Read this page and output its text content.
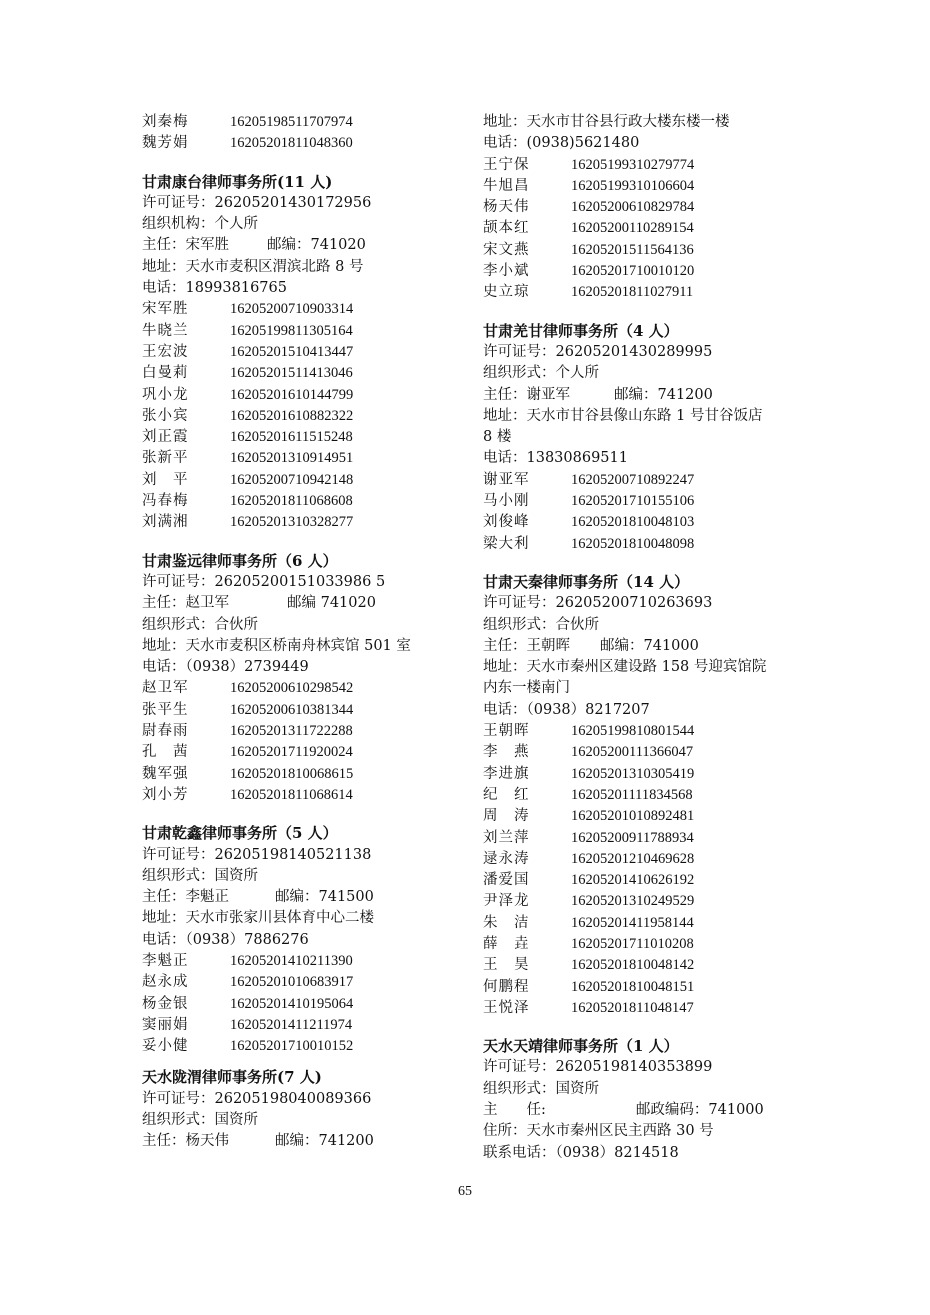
刘秦梅	16205198511707974
魏芳娟	16205201811048360
甘肃康台律师事务所(11 人)
许可证号：26205201430172956
组织机构：个人所
主任：宋军胜	邮编：741020
地址：天水市麦积区渭滨北路 8 号
电话：18993816765
宋军胜	16205200710903314
牛晓兰	16205199811305164
王宏波	16205201510413447
白曼莉	16205201511413046
巩小龙	16205201610144799
张小宾	16205201610882322
刘正霞	16205201611515248
张新平	16205201310914951
刘　平	16205200710942148
冯春梅	16205201811068608
刘满湘	16205201310328277
甘肃鉴远律师事务所（6 人）
许可证号：26205200151033986 5
主任：赵卫军	邮编 741020
组织形式：合伙所
地址：天水市麦积区桥南舟林宾馆 501 室
电话：（0938）2739449
赵卫军	16205200610298542
张平生	16205200610381344
尉春雨	16205201311722288
孔　茜	16205201711920024
魏军强	16205201810068615
刘小芳	16205201811068614
甘肃乾鑫律师事务所（5 人）
许可证号：26205198140521138
组织形式：国资所
主任：李魁正	邮编：741500
地址：天水市张家川县体育中心二楼
电话：（0938）7886276
李魁正	16205201410211390
赵永成	16205201010683917
杨金银	16205201410195064
窦丽娟	16205201411211974
妥小健	16205201710010152
天水陇渭律师事务所(7 人)
许可证号：26205198040089366
组织形式：国资所
主任：杨天伟	邮编：741200
地址：天水市甘谷县行政大楼东楼一楼
电话：(0938)5621480
王宁保	16205199310279774
牛旭昌	16205199310106604
杨天伟	16205200610829784
颉本红	16205200110289154
宋文燕	16205201511564136
李小斌	16205201710010120
史立琼	16205201811027911
甘肃羌甘律师事务所（4 人）
许可证号：26205201430289995
组织形式：个人所
主任：谢亚军	邮编：741200
地址：天水市甘谷县像山东路 1 号甘谷饭店
8 楼
电话：13830869511
谢亚军	16205200710892247
马小刚	16205201710155106
刘俊峰	16205201810048103
梁大利	16205201810048098
甘肃天秦律师事务所（14 人）
许可证号：26205200710263693
组织形式：合伙所
主任：王朝晖 邮编：741000
地址：天水市秦州区建设路 158 号迎宾馆院
内东一楼南门
电话：（0938）8217207
王朝晖	16205199810801544
李　燕	16205200111366047
李进旗	16205201310305419
纪　红	16205201111834568
周　涛	16205201010892481
刘兰萍	16205200911788934
逯永涛	16205201210469628
潘爱国	16205201410626192
尹泽龙	16205201310249529
朱　洁	16205201411958144
薛　垚	16205201711010208
王　昊	16205201810048142
何鹏程	16205201810048151
王悦泽	16205201811048147
天水天靖律师事务所（1 人）
许可证号：26205198140353899
组织形式：国资所
主　　任:	邮政编码：741000
住所：天水市秦州区民主西路 30 号
联系电话：（0938）8214518
65
